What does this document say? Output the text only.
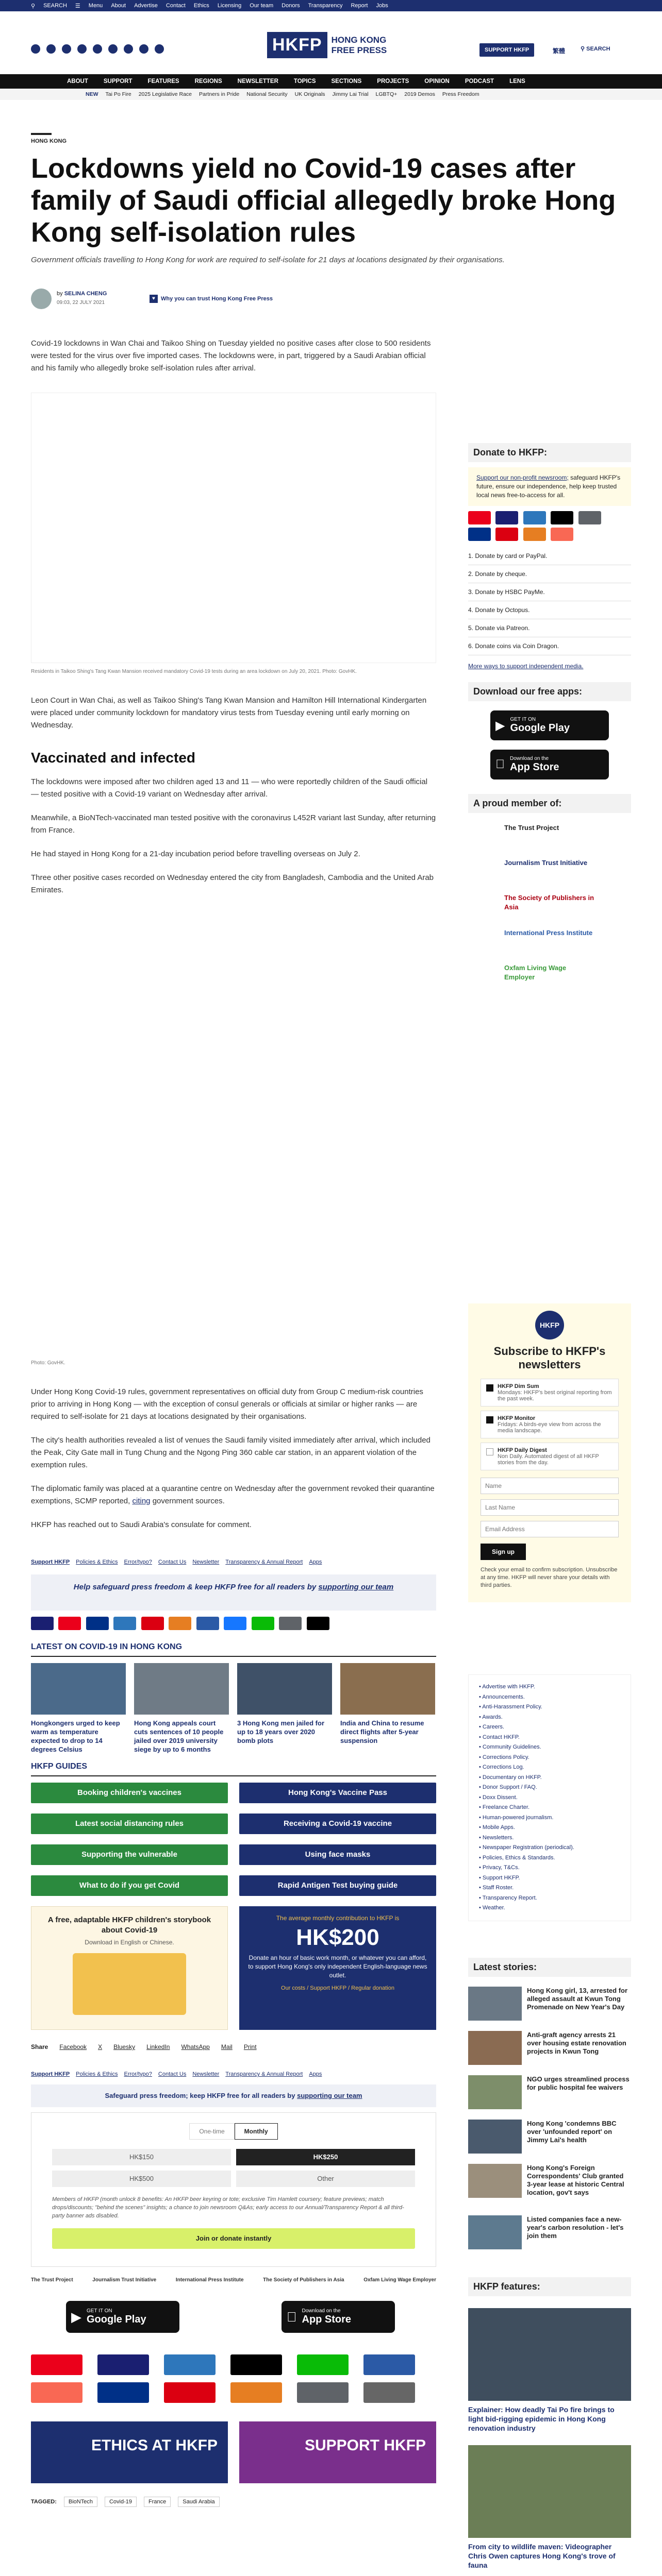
⚲ SEARCH ☰ Menu About Advertise Contact Ethics Licensing Our team Donors Transparency Report Jobs
HKFP	HONG KONG
FREE PRESS	SUPPORT HKFP	繁體	⚲ SEARCH
ABOUT	SUPPORT	FEATURES	REGIONS	NEWSLETTER	TOPICS	SECTIONS	PROJECTS	OPINION	PODCAST	LENS
NEW Tai Po Fire 2025 Legislative Race Partners in Pride National Security UK Originals Jimmy Lai Trial LGBTQ+ 2019 Demos Press Freedom
HONG KONG
Lockdowns yield no Covid-19 cases after family of Saudi official allegedly broke Hong Kong self-isolation rules
Government officials travelling to Hong Kong for work are required to self-isolate for 21 days at locations designated by their organisations.
by SELINA CHENG
09:03, 22 JULY 2021
♥	Why you can trust Hong Kong Free Press

Covid-19 lockdowns in Wan Chai and Taikoo Shing on Tuesday yielded no positive cases after close to 500 residents were tested for the virus over five imported cases. The lockdowns were, in part, triggered by a Saudi Arabian official and his family who allegedly broke self-isolation rules after arrival.

Residents in Taikoo Shing's Tang Kwan Mansion received mandatory Covid-19 tests during an area lockdown on July 20, 2021. Photo: GovHK.

Leon Court in Wan Chai, as well as Taikoo Shing's Tang Kwan Mansion and Hamilton Hill International Kindergarten were placed under community lockdown for mandatory virus tests from Tuesday evening until early morning on Wednesday.

Vaccinated and infected

The lockdowns were imposed after two children aged 13 and 11 — who were reportedly children of the Saudi official — tested positive with a Covid-19 variant on Wednesday after arrival.

Meanwhile, a BioNTech-vaccinated man tested positive with the coronavirus L452R variant last Sunday, after returning from France.

He had stayed in Hong Kong for a 21-day incubation period before travelling overseas on July 2.

Three other positive cases recorded on Wednesday entered the city from Bangladesh, Cambodia and the United Arab Emirates.

Photo: GovHK.

Under Hong Kong Covid-19 rules, government representatives on official duty from Group C medium-risk countries prior to arriving in Hong Kong — with the exception of consul generals or officials at similar or higher ranks — are required to self-isolate for 21 days at locations designated by their organisations.

The city's health authorities revealed a list of venues the Saudi family visited immediately after arrival, which included the Peak, City Gate mall in Tung Chung and the Ngong Ping 360 cable car station, in an apparent violation of the exemption rules.

The diplomatic family was placed at a quarantine centre on Wednesday after the government revoked their quarantine exemptions, SCMP reported, citing government sources.

HKFP has reached out to Saudi Arabia's consulate for comment.

Support HKFP Policies & Ethics Error/typo? Contact Us Newsletter Transparency & Annual Report Apps
Help safeguard press freedom & keep HKFP free for all readers by supporting our team

LATEST ON COVID-19 IN HONG KONG
Hongkongers urged to keep warm as temperature expected to drop to 14 degrees Celsius
Hong Kong appeals court cuts sentences of 10 people jailed over 2019 university siege by up to 6 months
3 Hong Kong men jailed for up to 18 years over 2020 bomb plots
India and China to resume direct flights after 5-year suspension
HKFP GUIDES
Booking children's vaccines	Hong Kong's Vaccine Pass
Latest social distancing rules	Receiving a Covid-19 vaccine
Supporting the vulnerable	Using face masks
What to do if you get Covid	Rapid Antigen Test buying guide
A free, adaptable HKFP children's storybook about Covid-19
Download in English or Chinese.
The average monthly contribution to HKFP is
HK$200
Donate an hour of basic work month, or whatever you can afford, to support Hong Kong's only independent English-language news outlet.
Our costs / Support HKFP / Regular donation
Share Facebook X Bluesky LinkedIn WhatsApp Mail Print
Support HKFP Policies & Ethics Error/typo? Contact Us Newsletter Transparency & Annual Report Apps
Safeguard press freedom; keep HKFP free for all readers by supporting our team
One-time	Monthly
HK$150	HK$250
HK$500	Other
Members of HKFP (month unlock 8 benefits: An HKFP beer keyring or tote; exclusive Tim Hamlett coursery; feature previews; match drops/discounts; "behind the scenes" insights; a chance to join newsroom Q&As; early access to our Annual/Transparency Report & all third-party banner ads disabled.
Join or donate instantly
The Trust Project	Journalism Trust Initiative	International Press Institute	The Society of Publishers in Asia	Oxfam Living Wage Employer
▶ GET IT ON
Google Play
Download on the
App Store
ETHICS AT HKFP	SUPPORT HKFP
TAGGED:	BioNTech	Covid-19	France	Saudi Arabia
Donate to HKFP:
Support our non-profit newsroom; safeguard HKFP's future, ensure our independence, help keep trusted local news free-to-access for all.

1. Donate by card or PayPal.
2. Donate by cheque.
3. Donate by HSBC PayMe.
4. Donate by Octopus.
5. Donate via Patreon.
6. Donate coins via Coin Dragon.
More ways to support independent media.
Download our free apps:
▶ GET IT ON
Google Play
Download on the
App Store
A proud member of:
The Trust Project
Journalism Trust Initiative
The Society of Publishers in Asia
International Press Institute
Oxfam Living Wage Employer
HKFP
Subscribe to HKFP's newsletters
HKFP Dim Sum
Mondays: HKFP's best original reporting from the past week.
HKFP Monitor
Fridays: A birds-eye view from across the media landscape.
HKFP Daily Digest
Non Daily. Automated digest of all HKFP stories from the day.
Name Last Name Email Address
Sign up
Check your email to confirm subscription. Unsubscribe at any time. HKFP will never share your details with third parties.
• Advertise with HKFP.
• Announcements.
• Anti-Harassment Policy.
• Awards.
• Careers.
• Contact HKFP.
• Community Guidelines.
• Corrections Policy.
• Corrections Log.
• Documentary on HKFP.
• Donor Support / FAQ.
• Doxx Dissent.
• Freelance Charter.
• Human-powered journalism.
• Mobile Apps.
• Newsletters.
• Newspaper Registration (periodical).
• Policies, Ethics & Standards.
• Privacy, T&Cs.
• Support HKFP.
• Staff Roster.
• Transparency Report.
• Weather.
Latest stories:
Hong Kong girl, 13, arrested for alleged assault at Kwun Tong Promenade on New Year's Day
Anti-graft agency arrests 21 over housing estate renovation projects in Kwun Tong
NGO urges streamlined process for public hospital fee waivers
Hong Kong 'condemns BBC over 'unfounded report' on Jimmy Lai's health
Hong Kong's Foreign Correspondents' Club granted 3-year lease at historic Central location, gov't says
Listed companies face a new-year's carbon resolution - let's join them
HKFP features:
Explainer: How deadly Tai Po fire brings to light bid-rigging epidemic in Hong Kong renovation industry
From city to wildlife maven: Videographer Chris Owen captures Hong Kong's trove of fauna
